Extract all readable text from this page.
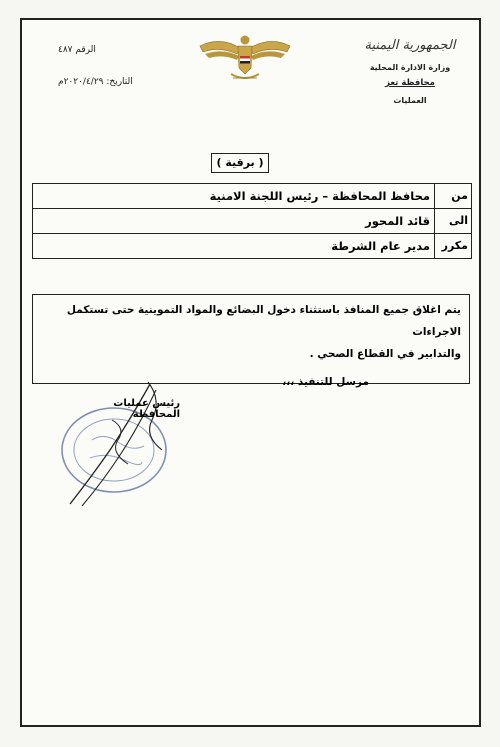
الجمهورية اليمنية
وزارة الادارة المحلية
محافظة تعز
العمليات
الرقم ٤٨٧
التاريخ: ٢٠٢٠/٤/٢٩م
( برقية )
من
محافظ المحافظة – رئيس اللجنة الامنية
الى
قائد المحور
مكرر
مدير عام الشرطة
يتم اغلاق جميع المنافذ باستثناء دخول البضائع والمواد التموينية حتى تستكمل الاجراءات
والتدابير في القطاع الصحي .
مرسل للتنفيذ ،،،
رئيس عمليات المحافظة
